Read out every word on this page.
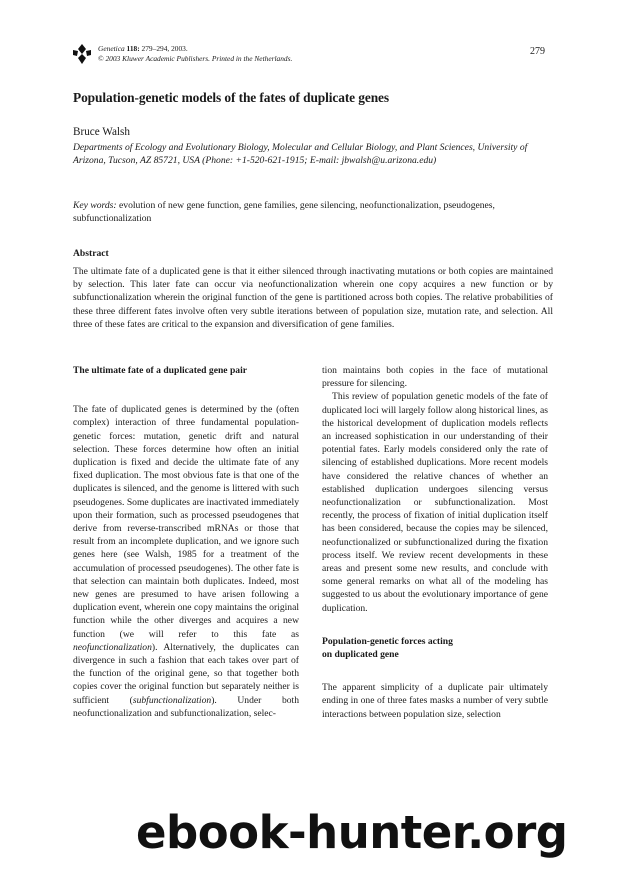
Genetica 118: 279–294, 2003.
© 2003 Kluwer Academic Publishers. Printed in the Netherlands.
279
Population-genetic models of the fates of duplicate genes
Bruce Walsh
Departments of Ecology and Evolutionary Biology, Molecular and Cellular Biology, and Plant Sciences, University of Arizona, Tucson, AZ 85721, USA (Phone: +1-520-621-1915; E-mail: jbwalsh@u.arizona.edu)
Key words: evolution of new gene function, gene families, gene silencing, neofunctionalization, pseudogenes, subfunctionalization
Abstract
The ultimate fate of a duplicated gene is that it either silenced through inactivating mutations or both copies are maintained by selection. This later fate can occur via neofunctionalization wherein one copy acquires a new function or by subfunctionalization wherein the original function of the gene is partitioned across both copies. The relative probabilities of these three different fates involve often very subtle iterations between of population size, mutation rate, and selection. All three of these fates are critical to the expansion and diversification of gene families.

The ultimate fate of a duplicated gene pair

The fate of duplicated genes is determined by the (often complex) interaction of three fundamental population-genetic forces: mutation, genetic drift and natural selection. These forces determine how often an initial duplication is fixed and decide the ultimate fate of any fixed duplication. The most obvious fate is that one of the duplicates is silenced, and the genome is littered with such pseudogenes. Some duplicates are inactivated immediately upon their formation, such as processed pseudogenes that derive from reverse-transcribed mRNAs or those that result from an incomplete duplication, and we ignore such genes here (see Walsh, 1985 for a treatment of the accumulation of processed pseudogenes). The other fate is that selection can maintain both duplicates. Indeed, most new genes are presumed to have arisen following a duplication event, wherein one copy maintains the original function while the other diverges and acquires a new function (we will refer to this fate as neofunctionalization). Alternatively, the duplicates can divergence in such a fashion that each takes over part of the function of the original gene, so that together both copies cover the original function but separately neither is sufficient (subfunctionalization). Under both neofunctionalization and subfunctionalization, selec-

tion maintains both copies in the face of mutational pressure for silencing.

This review of population genetic models of the fate of duplicated loci will largely follow along historical lines, as the historical development of duplication models reflects an increased sophistication in our understanding of their potential fates. Early models considered only the rate of silencing of established duplications. More recent models have considered the relative chances of whether an established duplication undergoes silencing versus neofunctionalization or subfunctionalization. Most recently, the process of fixation of initial duplication itself has been considered, because the copies may be silenced, neofunctionalized or subfunctionalized during the fixation process itself. We review recent developments in these areas and present some new results, and conclude with some general remarks on what all of the modeling has suggested to us about the evolutionary importance of gene duplication.

Population-genetic forces acting
on duplicated gene

The apparent simplicity of a duplicate pair ultimately ending in one of three fates masks a number of very subtle interactions between population size, selection

ebook-hunter.org
